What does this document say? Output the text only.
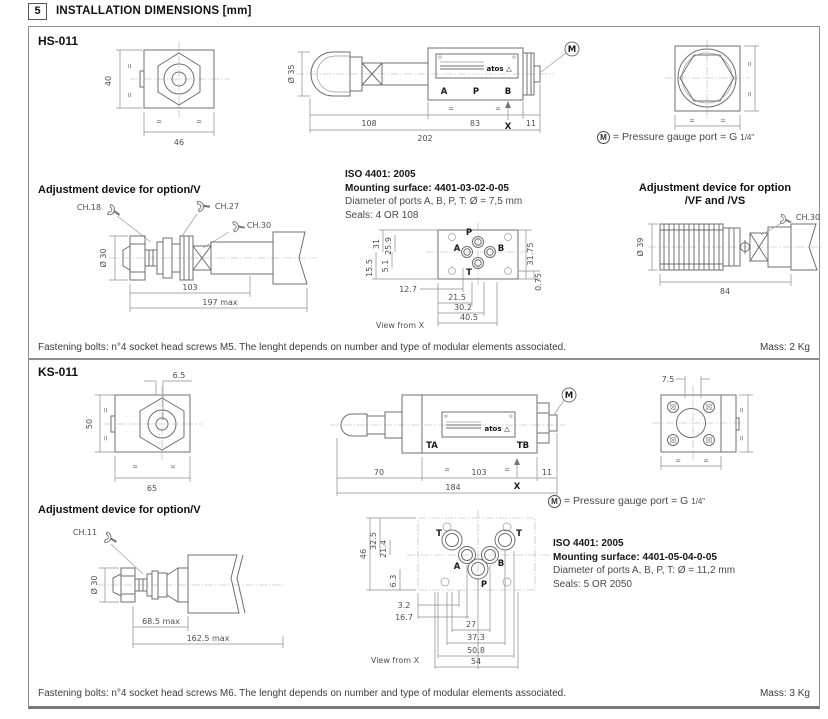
5	INSTALLATION DIMENSIONS [mm]
HS-011
40
=
=
=	=
46
atos △
A	P	B
M
Ø 35
108	83
=	=
11
202
X
=
=
=	=
M = Pressure gauge port = G 1/4"
Adjustment device for option/V
CH.18	CH.27
CH.30
Ø 30
103
197 max
ISO 4401: 2005
Mounting surface: 4401-03-02-0-05
Diameter of ports A, B, P, T: Ø = 7,5 mm
Seals: 4 OR 108
P
A	B
T
31 25.9
15.5 5.1
12.7
21.5
30.2
40.5
31.75
0.75
View from X
Adjustment device for option
/VF and /VS
CH.30
Ø 39
84
Fastening bolts: n°4 socket head screws M5. The lenght depends on number and type of modular elements associated.	Mass: 2 Kg
KS-011	6.5
50
=
=
=	=
65
atos △
TA	TB
M
70	103
=	=	11
184	X
7.5
=
=
=	=
M = Pressure gauge port = G 1/4"
Adjustment device for option/V
CH.11
Ø 30
68.5 max
162.5 max
T	T
A	B
P
46
32.5 21.4
6.3
3.2
16.7
27
37.3
50.8
54
View from X
ISO 4401: 2005
Mounting surface: 4401-05-04-0-05
Diameter of ports A, B, P, T: Ø = 11,2 mm
Seals: 5 OR 2050
Fastening bolts: n°4 socket head screws M6. The lenght depends on number and type of modular elements associated.	Mass: 3 Kg
